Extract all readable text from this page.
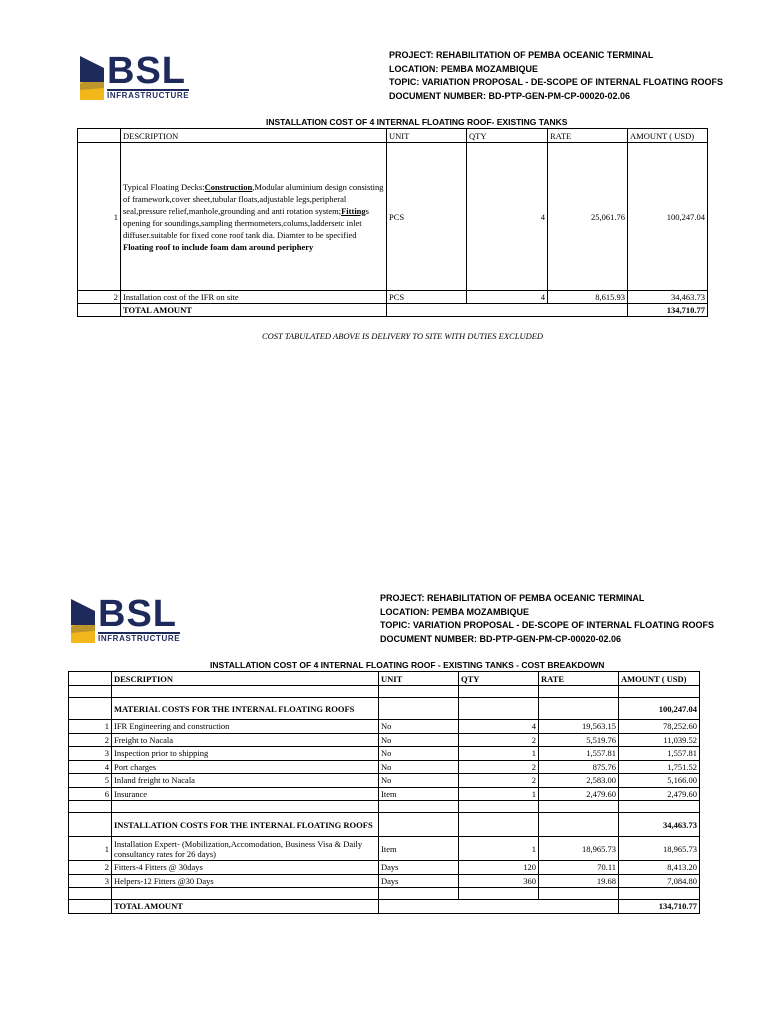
BSL
INFRASTRUCTURE
PROJECT: REHABILITATION OF PEMBA OCEANIC TERMINAL
LOCATION: PEMBA MOZAMBIQUE
TOPIC: VARIATION PROPOSAL - DE-SCOPE OF INTERNAL FLOATING ROOFS
DOCUMENT NUMBER: BD-PTP-GEN-PM-CP-00020-02.06
INSTALLATION COST OF 4 INTERNAL FLOATING ROOF- EXISTING TANKS
	DESCRIPTION	UNIT	QTY	RATE	AMOUNT ( USD)
1	Typical Floating Decks:Construction,Modular aluminium design consisting of framework,cover sheet,tubular floats,adjustable legs,peripheral seal,pressure relief,manhole,grounding and anti rotation system;Fittings opening for soundings,sampling thermometers,colums,laddersetc inlet diffuser.suitable for fixed cone roof tank dia. Diamter to be specified Floating roof to include foam dam around periphery	PCS	4	25,061.76	100,247.04
2	Installation cost of the IFR on site	PCS	4	8,615.93	34,463.73
	TOTAL AMOUNT				134,710.77
COST TABULATED ABOVE IS DELIVERY TO SITE WITH DUTIES EXCLUDED
BSL
INFRASTRUCTURE
PROJECT: REHABILITATION OF PEMBA OCEANIC TERMINAL
LOCATION: PEMBA MOZAMBIQUE
TOPIC: VARIATION PROPOSAL - DE-SCOPE OF INTERNAL FLOATING ROOFS
DOCUMENT NUMBER: BD-PTP-GEN-PM-CP-00020-02.06
INSTALLATION COST OF 4 INTERNAL FLOATING ROOF - EXISTING TANKS - COST BREAKDOWN
	DESCRIPTION	UNIT	QTY	RATE	AMOUNT ( USD)

	MATERIAL COSTS FOR THE INTERNAL FLOATING ROOFS				100,247.04
1	IFR Engineering and construction	No	4	19,563.15	78,252.60
2	Freight to Nacala	No	2	5,519.76	11,039.52
3	Inspection prior to shipping	No	1	1,557.81	1,557.81
4	Port charges	No	2	875.76	1,751.52
5	Inland freight to Nacala	No	2	2,583.00	5,166.00
6	Insurance	Item	1	2,479.60	2,479.60

	INSTALLATION COSTS FOR THE INTERNAL FLOATING ROOFS				34,463.73
1	Installation Expert- (Mobilization,Accomodation, Business Visa & Daily consultancy rates for 26 days)	Item	1	18,965.73	18,965.73
2	Fitters-4 Fitters @ 30days	Days	120	70.11	8,413.20
3	Helpers-12 Fitters @30 Days	Days	360	19.68	7,084.80

	TOTAL AMOUNT				134,710.77
